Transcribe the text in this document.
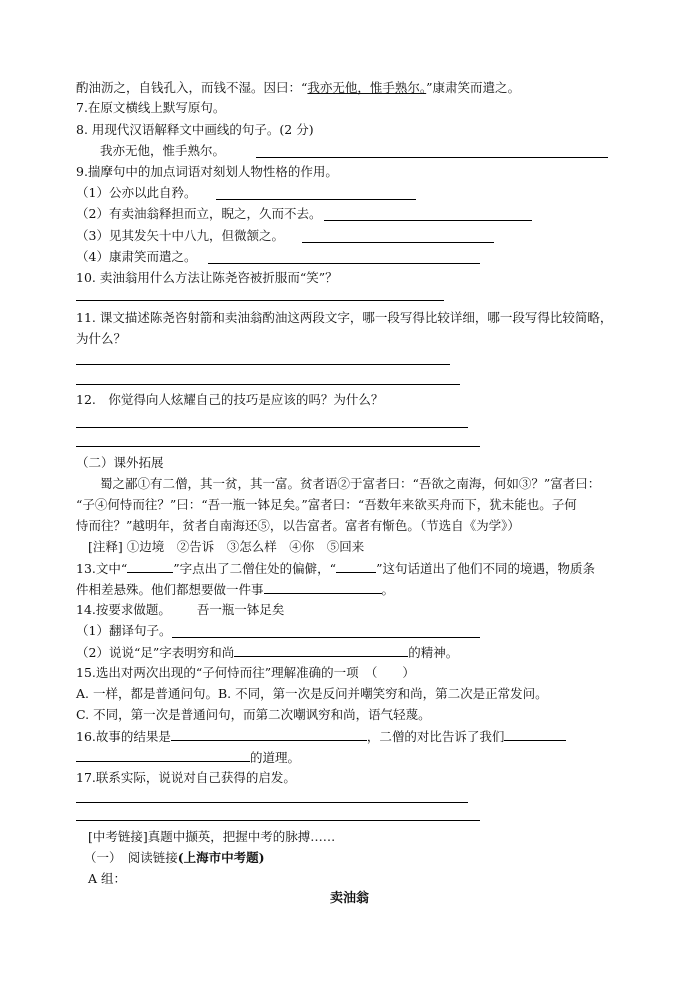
酌油沥之，自钱孔入，而钱不湿。因曰：“我亦无他，惟手熟尔。”康肃笑而遣之。
7.在原文横线上默写原句。
8. 用现代汉语解释文中画线的句子。(2 分)
我亦无他，惟手熟尔。
9.揣摩句中的加点词语对刻划人物性格的作用。
（1）公亦以此自矜。
（2）有卖油翁释担而立，睨之，久而不去。
（3）见其发矢十中八九，但微颔之。
（4）康肃笑而遣之。
10. 卖油翁用什么方法让陈尧咨被折服而“笑”？
11. 课文描述陈尧咨射箭和卖油翁酌油这两段文字，哪一段写得比较详细，哪一段写得比较简略，
为什么？
12.　你觉得向人炫耀自己的技巧是应该的吗？为什么？
（二）课外拓展
蜀之鄙①有二僧，其一贫，其一富。贫者语②于富者曰：“吾欲之南海，何如③？”富者曰：
“子④何恃而往？”曰：“吾一瓶一钵足矣。”富者曰：“吾数年来欲买舟而下，犹未能也。子何
恃而往？”越明年，贫者自南海还⑤，以告富者。富者有惭色。（节选自《为学》）
[注释] ①边境　②告诉　③怎么样　④你　⑤回来
13.文中“	”字点出了二僧住处的偏僻，“	”这句话道出了他们不同的境遇，物质条
件相差悬殊。他们都想要做一件事	。
14.按要求做题。 吾一瓶一钵足矣
（1）翻译句子。
（2）说说“足”字表明穷和尚	的精神。
15.选出对两次出现的“子何恃而往”理解准确的一项　（　　）
A. 一样，都是普通问句。B. 不同，第一次是反问并嘲笑穷和尚，第二次是正常发问。
C. 不同，第一次是普通问句，而第二次嘲讽穷和尚，语气轻蔑。
16.故事的结果是	，二僧的对比告诉了我们
的道理。
17.联系实际，说说对自己获得的启发。
[中考链接]真题中撷英，把握中考的脉搏……
（一）　阅读链接(上海市中考题)
A 组：
卖油翁
